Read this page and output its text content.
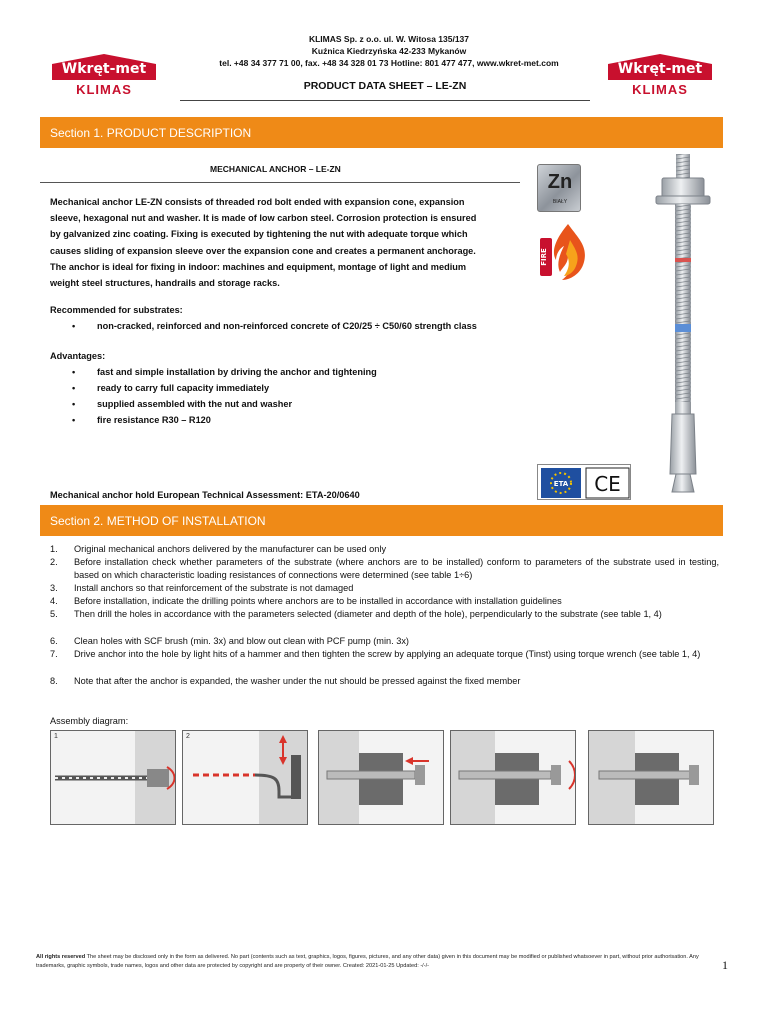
Wkręt-met
KLIMAS
Wkręt-met
KLIMAS
KLIMAS Sp. z o.o. ul. W. Witosa 135/137
Kuźnica Kiedrzyńska 42-233 Mykanów
tel. +48 34 377 71 00, fax. +48 34 328 01 73 Hotline: 801 477 477, www.wkret-met.com
PRODUCT DATA SHEET – LE-ZN
Section 1. PRODUCT DESCRIPTION
MECHANICAL ANCHOR – LE-ZN
Mechanical anchor LE-ZN consists of threaded rod bolt ended with expansion cone, expansion
sleeve, hexagonal nut and washer. It is made of low carbon steel. Corrosion protection is ensured
by galvanized zinc coating. Fixing is executed by tightening the nut with adequate torque which
causes sliding of expansion sleeve over the expansion cone and creates a permanent anchorage.
The anchor is ideal for fixing in indoor: machines and equipment, montage of light and medium
weight steel structures, handrails and storage racks.
Recommended for substrates:
• non-cracked, reinforced and non-reinforced concrete of C20/25 ÷ C50/60 strength class
Advantages:
• fast and simple installation by driving the anchor and tightening
• ready to carry full capacity immediately
• supplied assembled with the nut and washer
• fire resistance R30 – R120
Mechanical anchor hold European Technical Assessment: ETA-20/0640
Zn
BIAŁY
FIRE
ETA CE
Section 2. METHOD OF INSTALLATION
1.	Original mechanical anchors delivered by the manufacturer can be used only
2.	Before installation check whether parameters of the substrate (where anchors are to be installed) conform to parameters of the substrate used in testing, based on which characteristic loading resistances of connections were determined (see table 1÷6)
3.	Install anchors so that reinforcement of the substrate is not damaged
4.	Before installation, indicate the drilling points where anchors are to be installed in accordance with installation guidelines
5.	Then drill the holes in accordance with the parameters selected (diameter and depth of the hole), perpendicularly to the substrate (see table 1, 4)
6.	Clean holes with SCF brush (min. 3x) and blow out clean with PCF pump (min. 3x)
7.	Drive anchor into the hole by light hits of a hammer and then tighten the screw by applying an adequate torque (Tinst) using torque wrench (see table 1, 4)
8.	Note that after the anchor is expanded, the washer under the nut should be pressed against the fixed member
Assembly diagram:
1	2
All rights reserved The sheet may be disclosed only in the form as delivered. No part (contents such as text, graphics, logos, figures, pictures, and any other data) given in this document may be modified or published whatsoever in part, without prior authorisation. Any trademarks, graphic symbols, trade names, logos and other data are protected by copyright and are property of their owner. Created: 2021-01-25 Updated: -/-/-	1
